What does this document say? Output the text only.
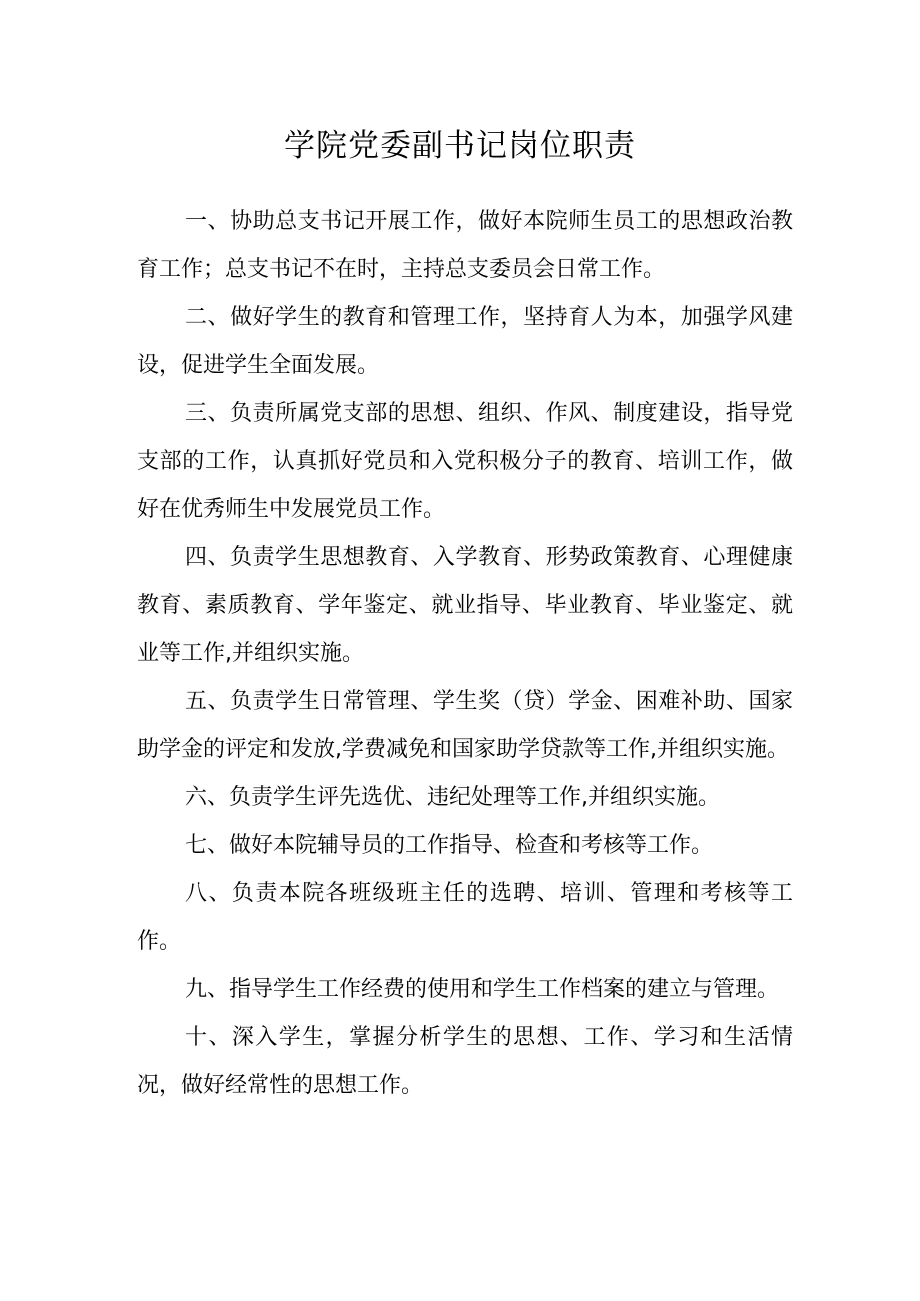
学院党委副书记岗位职责

一、协助总支书记开展工作，做好本院师生员工的思想政治教育工作；总支书记不在时，主持总支委员会日常工作。

二、做好学生的教育和管理工作，坚持育人为本，加强学风建设，促进学生全面发展。

三、负责所属党支部的思想、组织、作风、制度建设，指导党支部的工作，认真抓好党员和入党积极分子的教育、培训工作，做好在优秀师生中发展党员工作。

四、负责学生思想教育、入学教育、形势政策教育、心理健康教育、素质教育、学年鉴定、就业指导、毕业教育、毕业鉴定、就业等工作,并组织实施。

五、负责学生日常管理、学生奖（贷）学金、困难补助、国家助学金的评定和发放,学费减免和国家助学贷款等工作,并组织实施。

六、负责学生评先选优、违纪处理等工作,并组织实施。

七、做好本院辅导员的工作指导、检查和考核等工作。

八、负责本院各班级班主任的选聘、培训、管理和考核等工作。

九、指导学生工作经费的使用和学生工作档案的建立与管理。

十、深入学生，掌握分析学生的思想、工作、学习和生活情况，做好经常性的思想工作。
